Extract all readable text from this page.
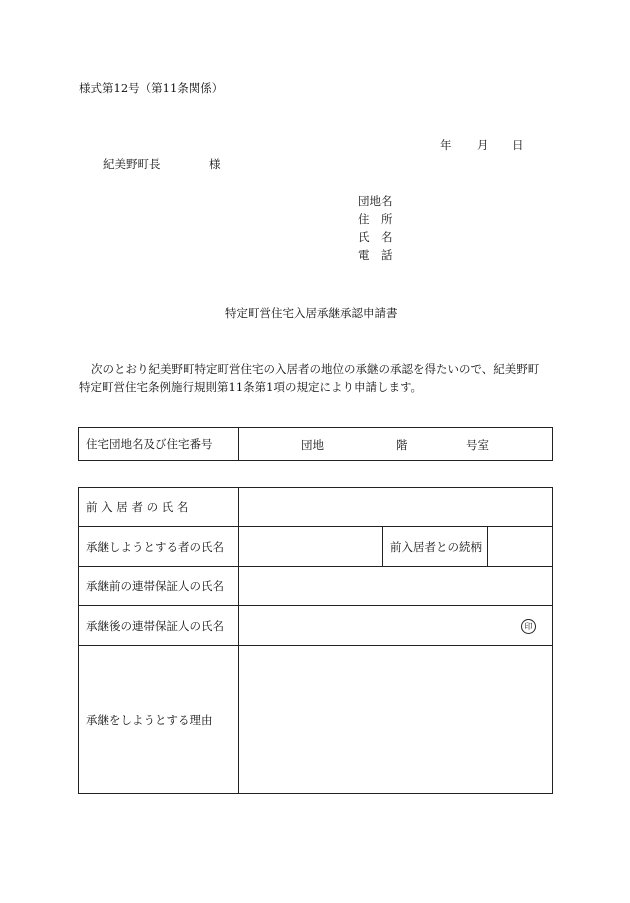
様式第12号（第11条関係）
年 月 日
紀美野町長	様
団地名
住　所
氏　名
電　話
特定町営住宅入居承継承認申請書
次のとおり紀美野町特定町営住宅の入居者の地位の承継の承認を得たいので、紀美野町
特定町営住宅条例施行規則第11条第1項の規定により申請します。
住宅団地名及び住宅番号	団地	階	号室
前 入 居 者 の 氏 名			
承継しようとする者の氏名		前入居者との続柄	
承継前の連帯保証人の氏名			
承継後の連帯保証人の氏名	印		
承継をしようとする理由			
